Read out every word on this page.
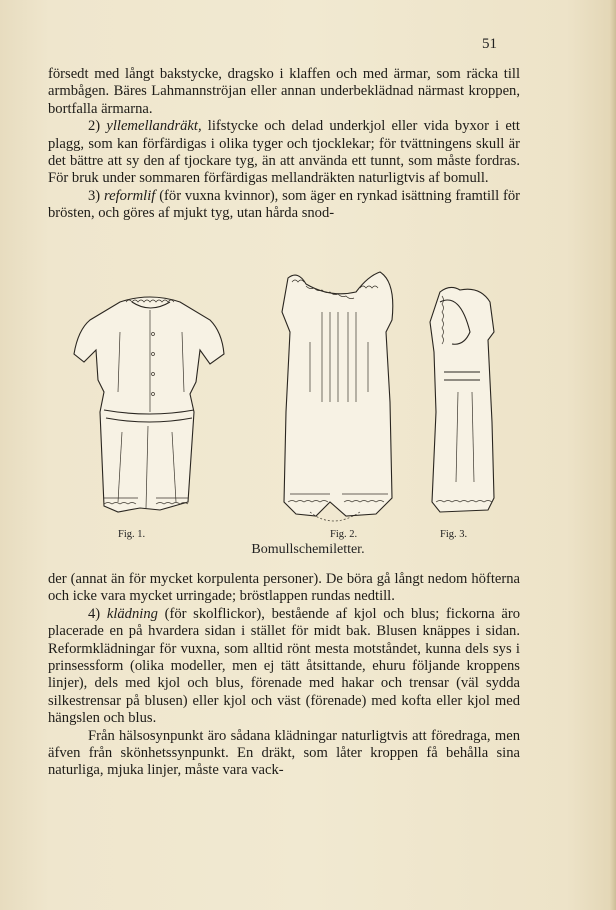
51

försedt med långt bakstycke, dragsko i klaffen och med ärmar, som räcka till armbågen. Bäres Lahmannströjan eller annan underbeklädnad närmast kroppen, bortfalla ärmarna.

2) yllemellandräkt, lifstycke och delad underkjol eller vida byxor i ett plagg, som kan förfärdigas i olika tyger och tjocklekar; för tvättningens skull är det bättre att sy den af tjockare tyg, än att använda ett tunnt, som måste fordras. För bruk under sommaren förfärdigas mellandräkten naturligtvis af bomull.

3) reformlif (för vuxna kvinnor), som äger en rynkad isättning framtill för brösten, och göres af mjukt tyg, utan hårda snod-

Fig. 1.	Fig. 2.	Fig. 3.
Bomullschemiletter.

der (annat än för mycket korpulenta personer). De böra gå långt nedom höfterna och icke vara mycket urringade; bröstlappen rundas nedtill.

4) klädning (för skolflickor), bestående af kjol och blus; fickorna äro placerade en på hvardera sidan i stället för midt bak. Blusen knäppes i sidan. Reformklädningar för vuxna, som alltid rönt mesta motståndet, kunna dels sys i prinsessform (olika modeller, men ej tätt åtsittande, ehuru följande kroppens linjer), dels med kjol och blus, förenade med hakar och trensar (väl sydda silkestrensar på blusen) eller kjol och väst (förenade) med kofta eller kjol med hängslen och blus.

Från hälsosynpunkt äro sådana klädningar naturligtvis att föredraga, men äfven från skönhetssynpunkt. En dräkt, som låter kroppen få behålla sina naturliga, mjuka linjer, måste vara vack-
